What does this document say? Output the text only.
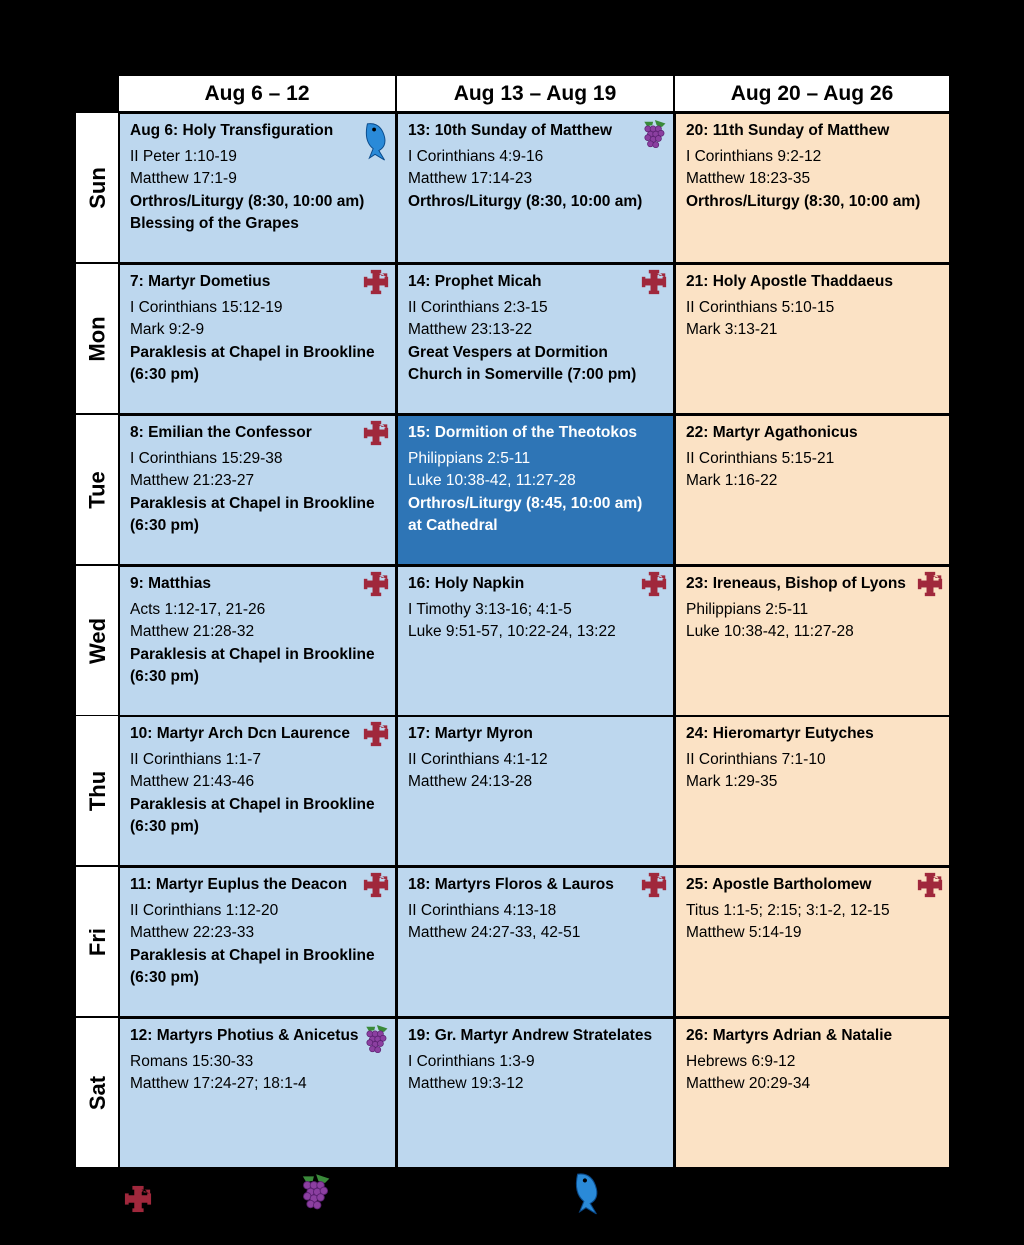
Aug 6 – 12	Aug 13 – Aug 19	Aug 20 – Aug 26
Sun
Mon
Tue
Wed
Thu
Fri
Sat
Aug 6: Holy Transfiguration
II Peter 1:10-19
Matthew 17:1-9
Orthros/Liturgy (8:30, 10:00 am)
Blessing of the Grapes
13: 10th Sunday of Matthew
I Corinthians 4:9-16
Matthew 17:14-23
Orthros/Liturgy (8:30, 10:00 am)
20: 11th Sunday of Matthew
I Corinthians 9:2-12
Matthew 18:23-35
Orthros/Liturgy (8:30, 10:00 am)
7: Martyr Dometius
I Corinthians 15:12-19
Mark 9:2-9
Paraklesis at Chapel in Brookline
(6:30 pm)
14: Prophet Micah
II Corinthians 2:3-15
Matthew 23:13-22
Great Vespers at Dormition
Church in Somerville (7:00 pm)
21: Holy Apostle Thaddaeus
II Corinthians 5:10-15
Mark 3:13-21
8: Emilian the Confessor
I Corinthians 15:29-38
Matthew 21:23-27
Paraklesis at Chapel in Brookline
(6:30 pm)
15: Dormition of the Theotokos
Philippians 2:5-11
Luke 10:38-42, 11:27-28
Orthros/Liturgy (8:45, 10:00 am)
at Cathedral
22: Martyr Agathonicus
II Corinthians 5:15-21
Mark 1:16-22
9: Matthias
Acts 1:12-17, 21-26
Matthew 21:28-32
Paraklesis at Chapel in Brookline
(6:30 pm)
16: Holy Napkin
I Timothy 3:13-16; 4:1-5
Luke 9:51-57, 10:22-24, 13:22
23: Ireneaus, Bishop of Lyons
Philippians 2:5-11
Luke 10:38-42, 11:27-28
10: Martyr Arch Dcn Laurence
II Corinthians 1:1-7
Matthew 21:43-46
Paraklesis at Chapel in Brookline
(6:30 pm)
17: Martyr Myron
II Corinthians 4:1-12
Matthew 24:13-28
24: Hieromartyr Eutyches
II Corinthians 7:1-10
Mark 1:29-35
11: Martyr Euplus the Deacon
II Corinthians 1:12-20
Matthew 22:23-33
Paraklesis at Chapel in Brookline
(6:30 pm)
18: Martyrs Floros & Lauros
II Corinthians 4:13-18
Matthew 24:27-33, 42-51
25: Apostle Bartholomew
Titus 1:1-5; 2:15; 3:1-2, 12-15
Matthew 5:14-19
12: Martyrs Photius & Anicetus
Romans 15:30-33
Matthew 17:24-27; 18:1-4
19: Gr. Martyr Andrew Stratelates
I Corinthians 1:3-9
Matthew 19:3-12
26: Martyrs Adrian & Natalie
Hebrews 6:9-12
Matthew 20:29-34
